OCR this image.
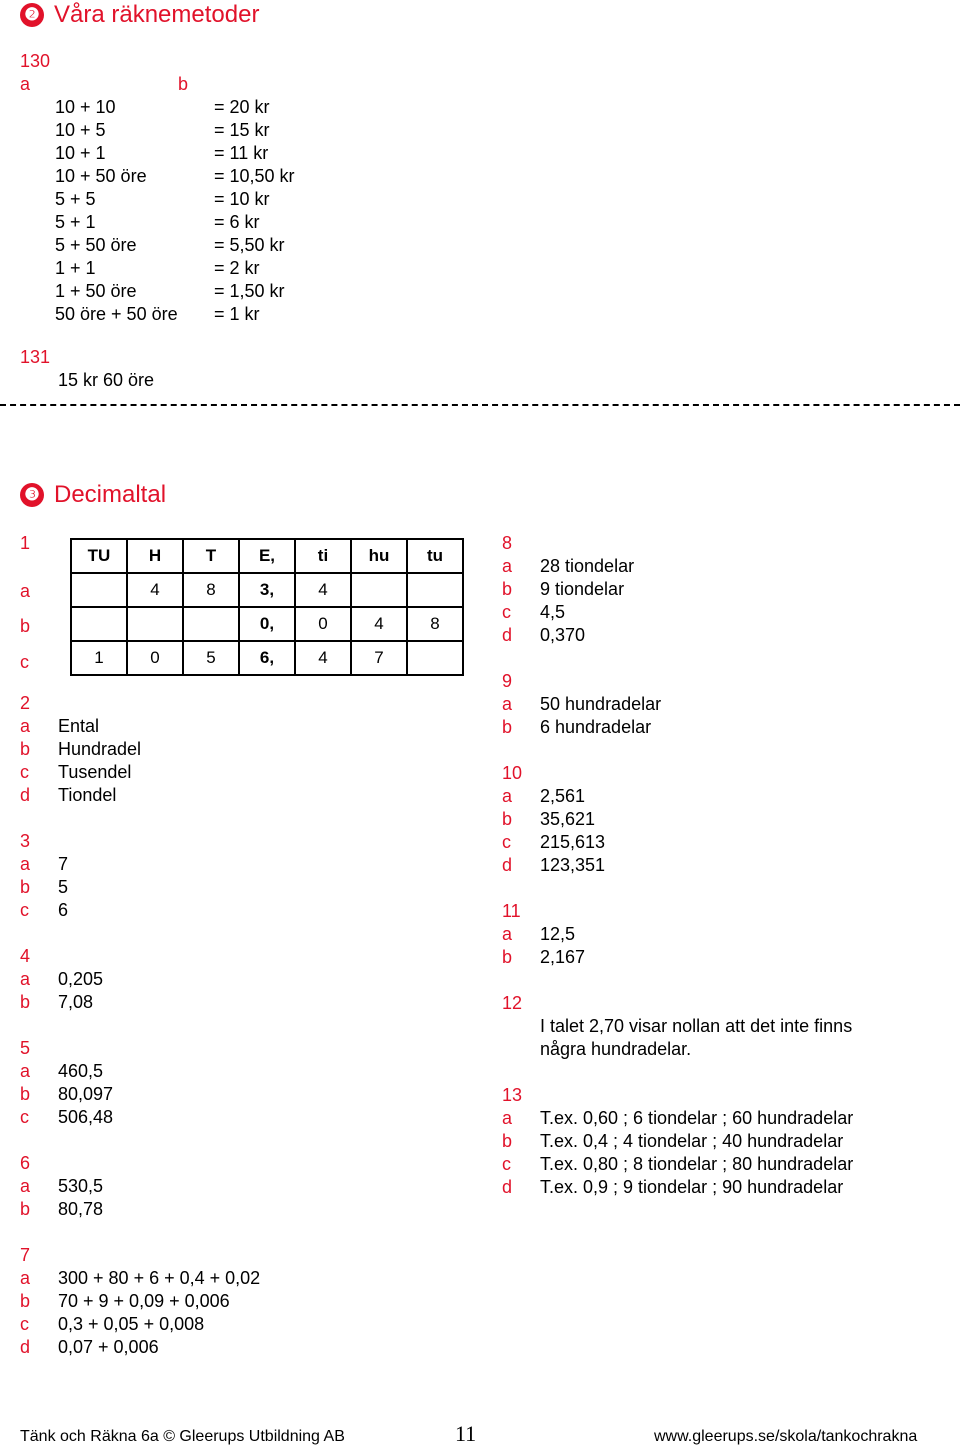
❷ Våra räknemetoder
130
a	b
10 + 10	= 20 kr
10 + 5	= 15 kr
10 + 1	= 11 kr
10 + 50 öre	= 10,50 kr
5 + 5	= 10 kr
5 + 1	= 6 kr
5 + 50 öre	= 5,50 kr
1 + 1	= 2 kr
1 + 50 öre	= 1,50 kr
50 öre + 50 öre = 1 kr
131
15 kr 60 öre
❸ Decimaltal
1
a
b
c
TU	H	T	E,	ti	hu	tu
	4	8	3,	4		
			0,	0	4	8
1	0	5	6,	4	7	
2
a Ental
b Hundradel
c Tusendel
d Tiondel
3
a 7
b 5
c 6
4
a 0,205
b 7,08
5
a 460,5
b 80,097
c 506,48
6
a 530,5
b 80,78
7
a 300 + 80 + 6 + 0,4 + 0,02
b 70 + 9 + 0,09 + 0,006
c 0,3 + 0,05 + 0,008
d 0,07 + 0,006
8
a 28 tiondelar
b 9 tiondelar
c 4,5
d 0,370
9
a 50 hundradelar
b 6 hundradelar
10
a 2,561
b 35,621
c 215,613
d 123,351
11
a 12,5
b 2,167
12
I talet 2,70 visar nollan att det inte finns
några hundradelar.
13
a T.ex. 0,60 ; 6 tiondelar ; 60 hundradelar
b T.ex. 0,4 ; 4 tiondelar ; 40 hundradelar
c T.ex. 0,80 ; 8 tiondelar ; 80 hundradelar
d T.ex. 0,9 ; 9 tiondelar ; 90 hundradelar
Tänk och Räkna 6a © Gleerups Utbildning AB	11	www.gleerups.se/skola/tankochrakna
